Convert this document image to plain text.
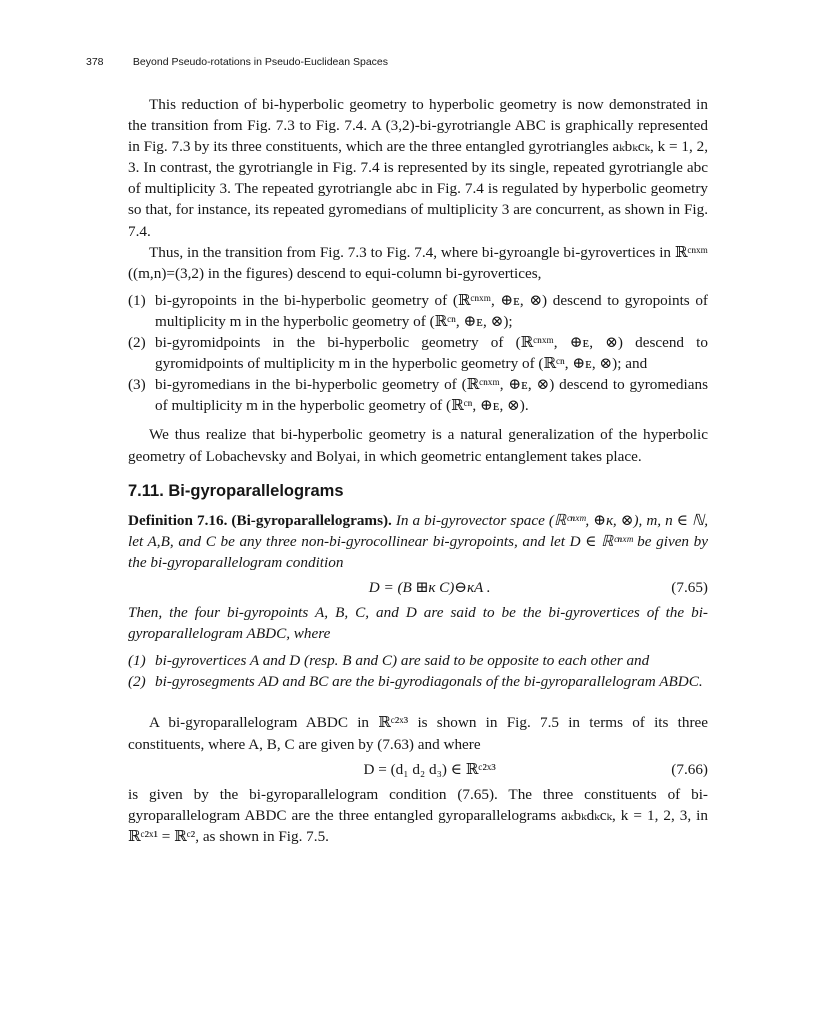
378	Beyond Pseudo-rotations in Pseudo-Euclidean Spaces

This reduction of bi-hyperbolic geometry to hyperbolic geometry is now demonstrated in the transition from Fig. 7.3 to Fig. 7.4. A (3,2)-bi-gyrotriangle ABC is graphically represented in Fig. 7.3 by its three constituents, which are the three entangled gyrotriangles aₖbₖcₖ, k = 1, 2, 3. In contrast, the gyrotriangle in Fig. 7.4 is represented by its single, repeated gyrotriangle abc of multiplicity 3. The repeated gyrotriangle abc in Fig. 7.4 is regulated by hyperbolic geometry so that, for instance, its repeated gyromedians of multiplicity 3 are concurrent, as shown in Fig. 7.4.

Thus, in the transition from Fig. 7.3 to Fig. 7.4, where bi-gyroangle bi-gyrovertices in ℝᶜⁿˣᵐ ((m,n)=(3,2) in the figures) descend to equi-column bi-gyrovertices,

(1) bi-gyropoints in the bi-hyperbolic geometry of (ℝᶜⁿˣᵐ, ⊕ᴇ, ⊗) descend to gyropoints of multiplicity m in the hyperbolic geometry of (ℝᶜⁿ, ⊕ᴇ, ⊗);
(2) bi-gyromidpoints in the bi-hyperbolic geometry of (ℝᶜⁿˣᵐ, ⊕ᴇ, ⊗) descend to gyromidpoints of multiplicity m in the hyperbolic geometry of (ℝᶜⁿ, ⊕ᴇ, ⊗); and
(3) bi-gyromedians in the bi-hyperbolic geometry of (ℝᶜⁿˣᵐ, ⊕ᴇ, ⊗) descend to gyromedians of multiplicity m in the hyperbolic geometry of (ℝᶜⁿ, ⊕ᴇ, ⊗).

We thus realize that bi-hyperbolic geometry is a natural generalization of the hyperbolic geometry of Lobachevsky and Bolyai, in which geometric entanglement takes place.

7.11. Bi-gyroparallelograms

Definition 7.16. (Bi-gyroparallelograms). In a bi-gyrovector space (ℝᶜⁿˣᵐ, ⊕ᴋ, ⊗), m, n ∈ ℕ, let A,B, and C be any three non-bi-gyrocollinear bi-gyropoints, and let D ∈ ℝᶜⁿˣᵐ be given by the bi-gyroparallelogram condition

D = (B ⊞ᴋ C)⊖ᴋA .	(7.65)

Then, the four bi-gyropoints A, B, C, and D are said to be the bi-gyrovertices of the bi-gyroparallelogram ABDC, where

(1) bi-gyrovertices A and D (resp. B and C) are said to be opposite to each other and
(2) bi-gyrosegments AD and BC are the bi-gyrodiagonals of the bi-gyroparallelogram ABDC.

A bi-gyroparallelogram ABDC in ℝᶜ²ˣ³ is shown in Fig. 7.5 in terms of its three constituents, where A, B, C are given by (7.63) and where

D = (d₁ d₂ d₃) ∈ ℝᶜ²ˣ³	(7.66)

is given by the bi-gyroparallelogram condition (7.65). The three constituents of bi-gyroparallelogram ABDC are the three entangled gyroparallelograms aₖbₖdₖcₖ, k = 1, 2, 3, in ℝᶜ²ˣ¹ = ℝᶜ², as shown in Fig. 7.5.
